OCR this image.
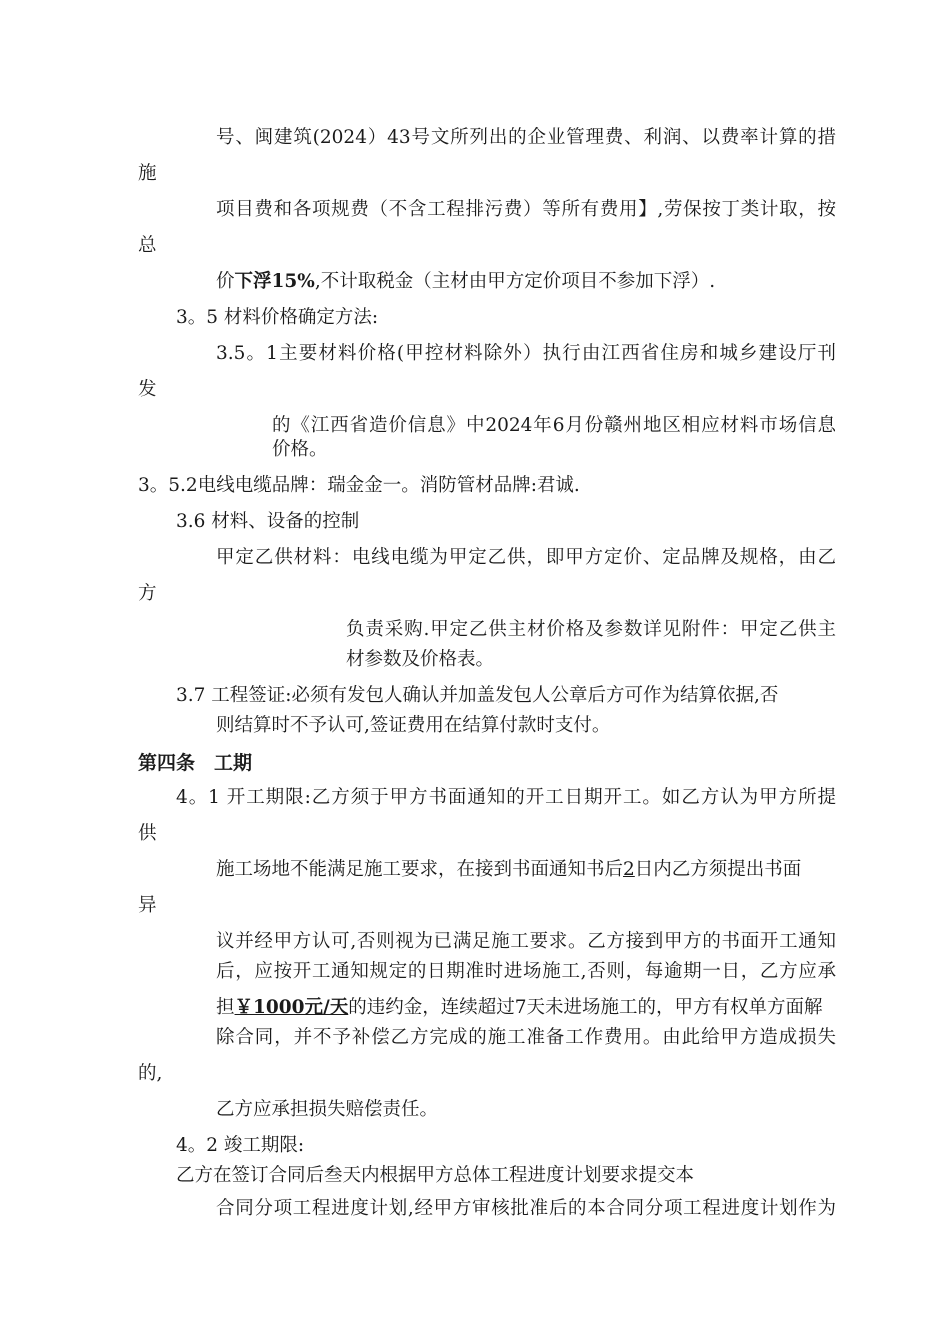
号、闽建筑(2024）43号文所列出的企业管理费、利润、以费率计算的措
施
项目费和各项规费（不含工程排污费）等所有费用】,劳保按丁类计取，按
总
价下浮15%,不计取税金（主材由甲方定价项目不参加下浮）.
3。5 材料价格确定方法:
3.5。1主要材料价格(甲控材料除外）执行由江西省住房和城乡建设厅刊
发
的《江西省造价信息》中2024年6月份赣州地区相应材料市场信息
价格。
3。5.2电线电缆品牌：瑞金金一。消防管材品牌:君诚.
3.6 材料、设备的控制
甲定乙供材料：电线电缆为甲定乙供，即甲方定价、定品牌及规格，由乙
方
负责采购.甲定乙供主材价格及参数详见附件：甲定乙供主
材参数及价格表。
3.7 工程签证:必须有发包人确认并加盖发包人公章后方可作为结算依据,否
则结算时不予认可,签证费用在结算付款时支付。
第四条　工期
4。1 开工期限:乙方须于甲方书面通知的开工日期开工。如乙方认为甲方所提
供
施工场地不能满足施工要求，在接到书面通知书后2日内乙方须提出书面
异
议并经甲方认可,否则视为已满足施工要求。乙方接到甲方的书面开工通知
后，应按开工通知规定的日期准时进场施工,否则，每逾期一日，乙方应承
担￥1000元/天的违约金，连续超过7天未进场施工的，甲方有权单方面解
除合同，并不予补偿乙方完成的施工准备工作费用。由此给甲方造成损失
的,
乙方应承担损失赔偿责任。
4。2 竣工期限:
乙方在签订合同后叁天内根据甲方总体工程进度计划要求提交本
合同分项工程进度计划,经甲方审核批准后的本合同分项工程进度计划作为
